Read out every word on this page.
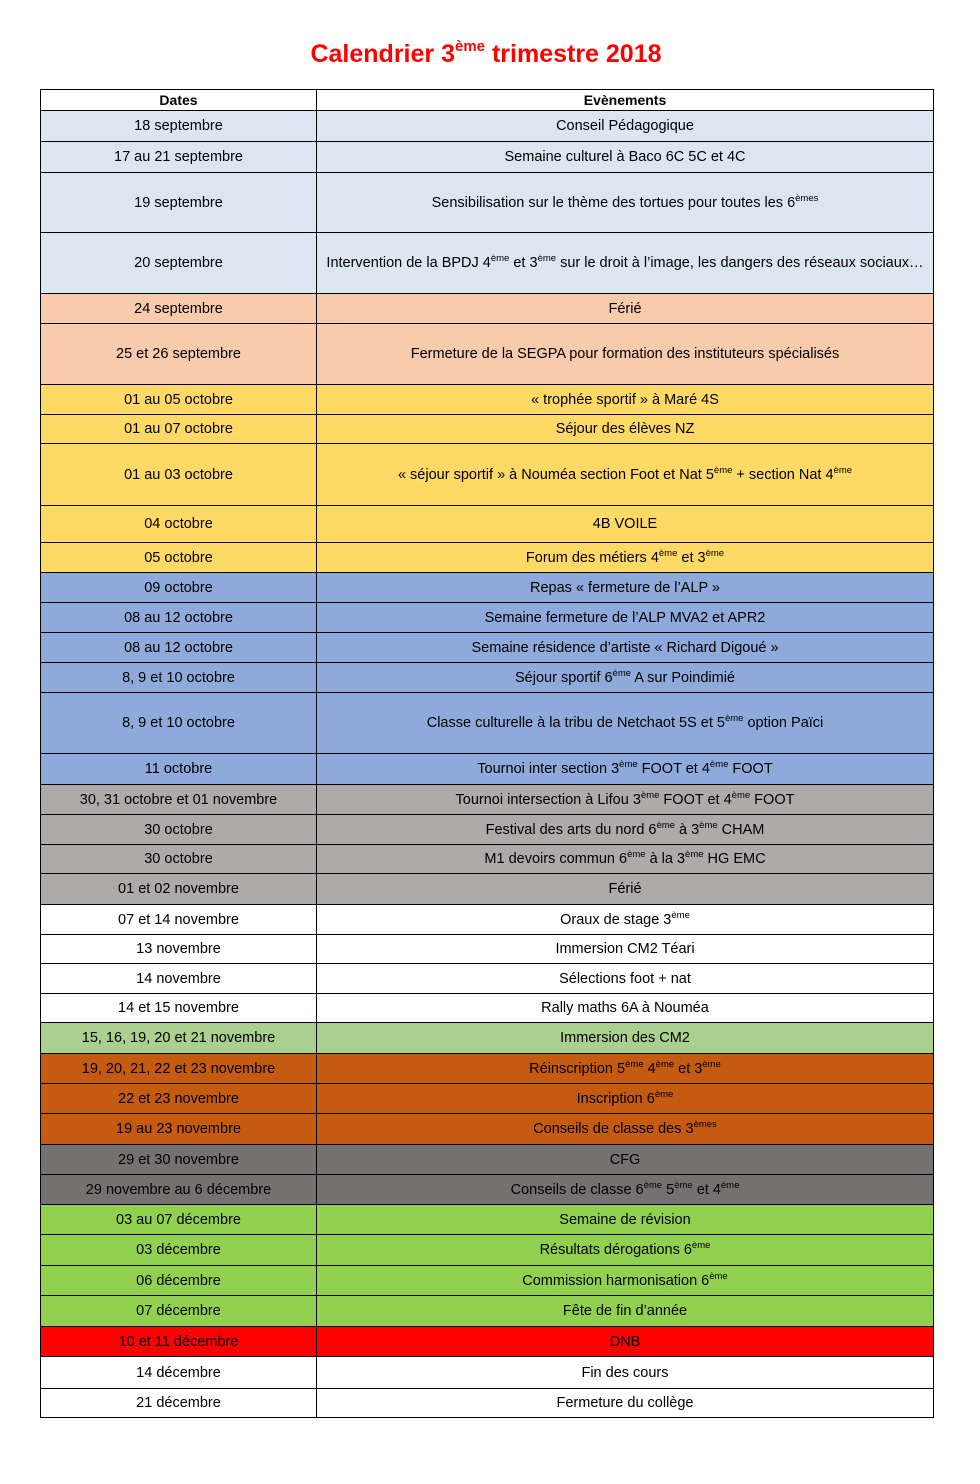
Calendrier 3ème trimestre 2018
Dates	Evènements
18 septembre	Conseil Pédagogique
17 au 21 septembre	Semaine culturel à Baco 6C 5C et 4C
19 septembre	Sensibilisation sur le thème des tortues pour toutes les 6èmes
20 septembre	Intervention de la BPDJ 4ème et 3ème sur le droit à l’image, les dangers des réseaux sociaux…
24 septembre	Férié
25 et 26 septembre	Fermeture de la SEGPA pour formation des instituteurs spécialisés
01 au 05 octobre	« trophée sportif » à Maré 4S
01 au 07 octobre	Séjour des élèves NZ
01 au 03 octobre	« séjour sportif » à Nouméa section Foot et Nat 5ème + section Nat 4ème
04 octobre	4B VOILE
05 octobre	Forum des métiers 4ème et 3ème
09 octobre	Repas « fermeture de l’ALP »
08 au 12 octobre	Semaine fermeture de l’ALP MVA2 et APR2
08 au 12 octobre	Semaine résidence d’artiste « Richard Digoué »
8, 9 et 10 octobre	Séjour sportif 6ème A sur Poindimié
8, 9 et 10 octobre	Classe culturelle à la tribu de Netchaot 5S et 5ème option Païci
11 octobre	Tournoi inter section 3ème FOOT et 4ème FOOT
30, 31 octobre et 01 novembre	Tournoi intersection à Lifou 3ème FOOT et 4ème FOOT
30 octobre	Festival des arts du nord 6ème à 3ème CHAM
30 octobre	M1 devoirs commun 6ème à la 3ème HG EMC
01 et 02 novembre	Férié
07 et 14 novembre	Oraux de stage 3ème
13 novembre	Immersion CM2 Téari
14 novembre	Sélections foot + nat
14 et 15 novembre	Rally maths 6A à Nouméa
15, 16, 19, 20 et 21 novembre	Immersion des CM2
19, 20, 21, 22 et 23 novembre	Réinscription 5ème 4ème et 3ème
22 et 23 novembre	Inscription 6ème
19 au 23 novembre	Conseils de classe des 3èmes
29 et 30 novembre	CFG
29 novembre au 6 décembre	Conseils de classe 6ème 5ème et 4ème
03 au 07 décembre	Semaine de révision
03 décembre	Résultats dérogations 6ème
06 décembre	Commission harmonisation 6ème
07 décembre	Fête de fin d’année
10 et 11 décembre	DNB
14 décembre	Fin des cours
21 décembre	Fermeture du collège
